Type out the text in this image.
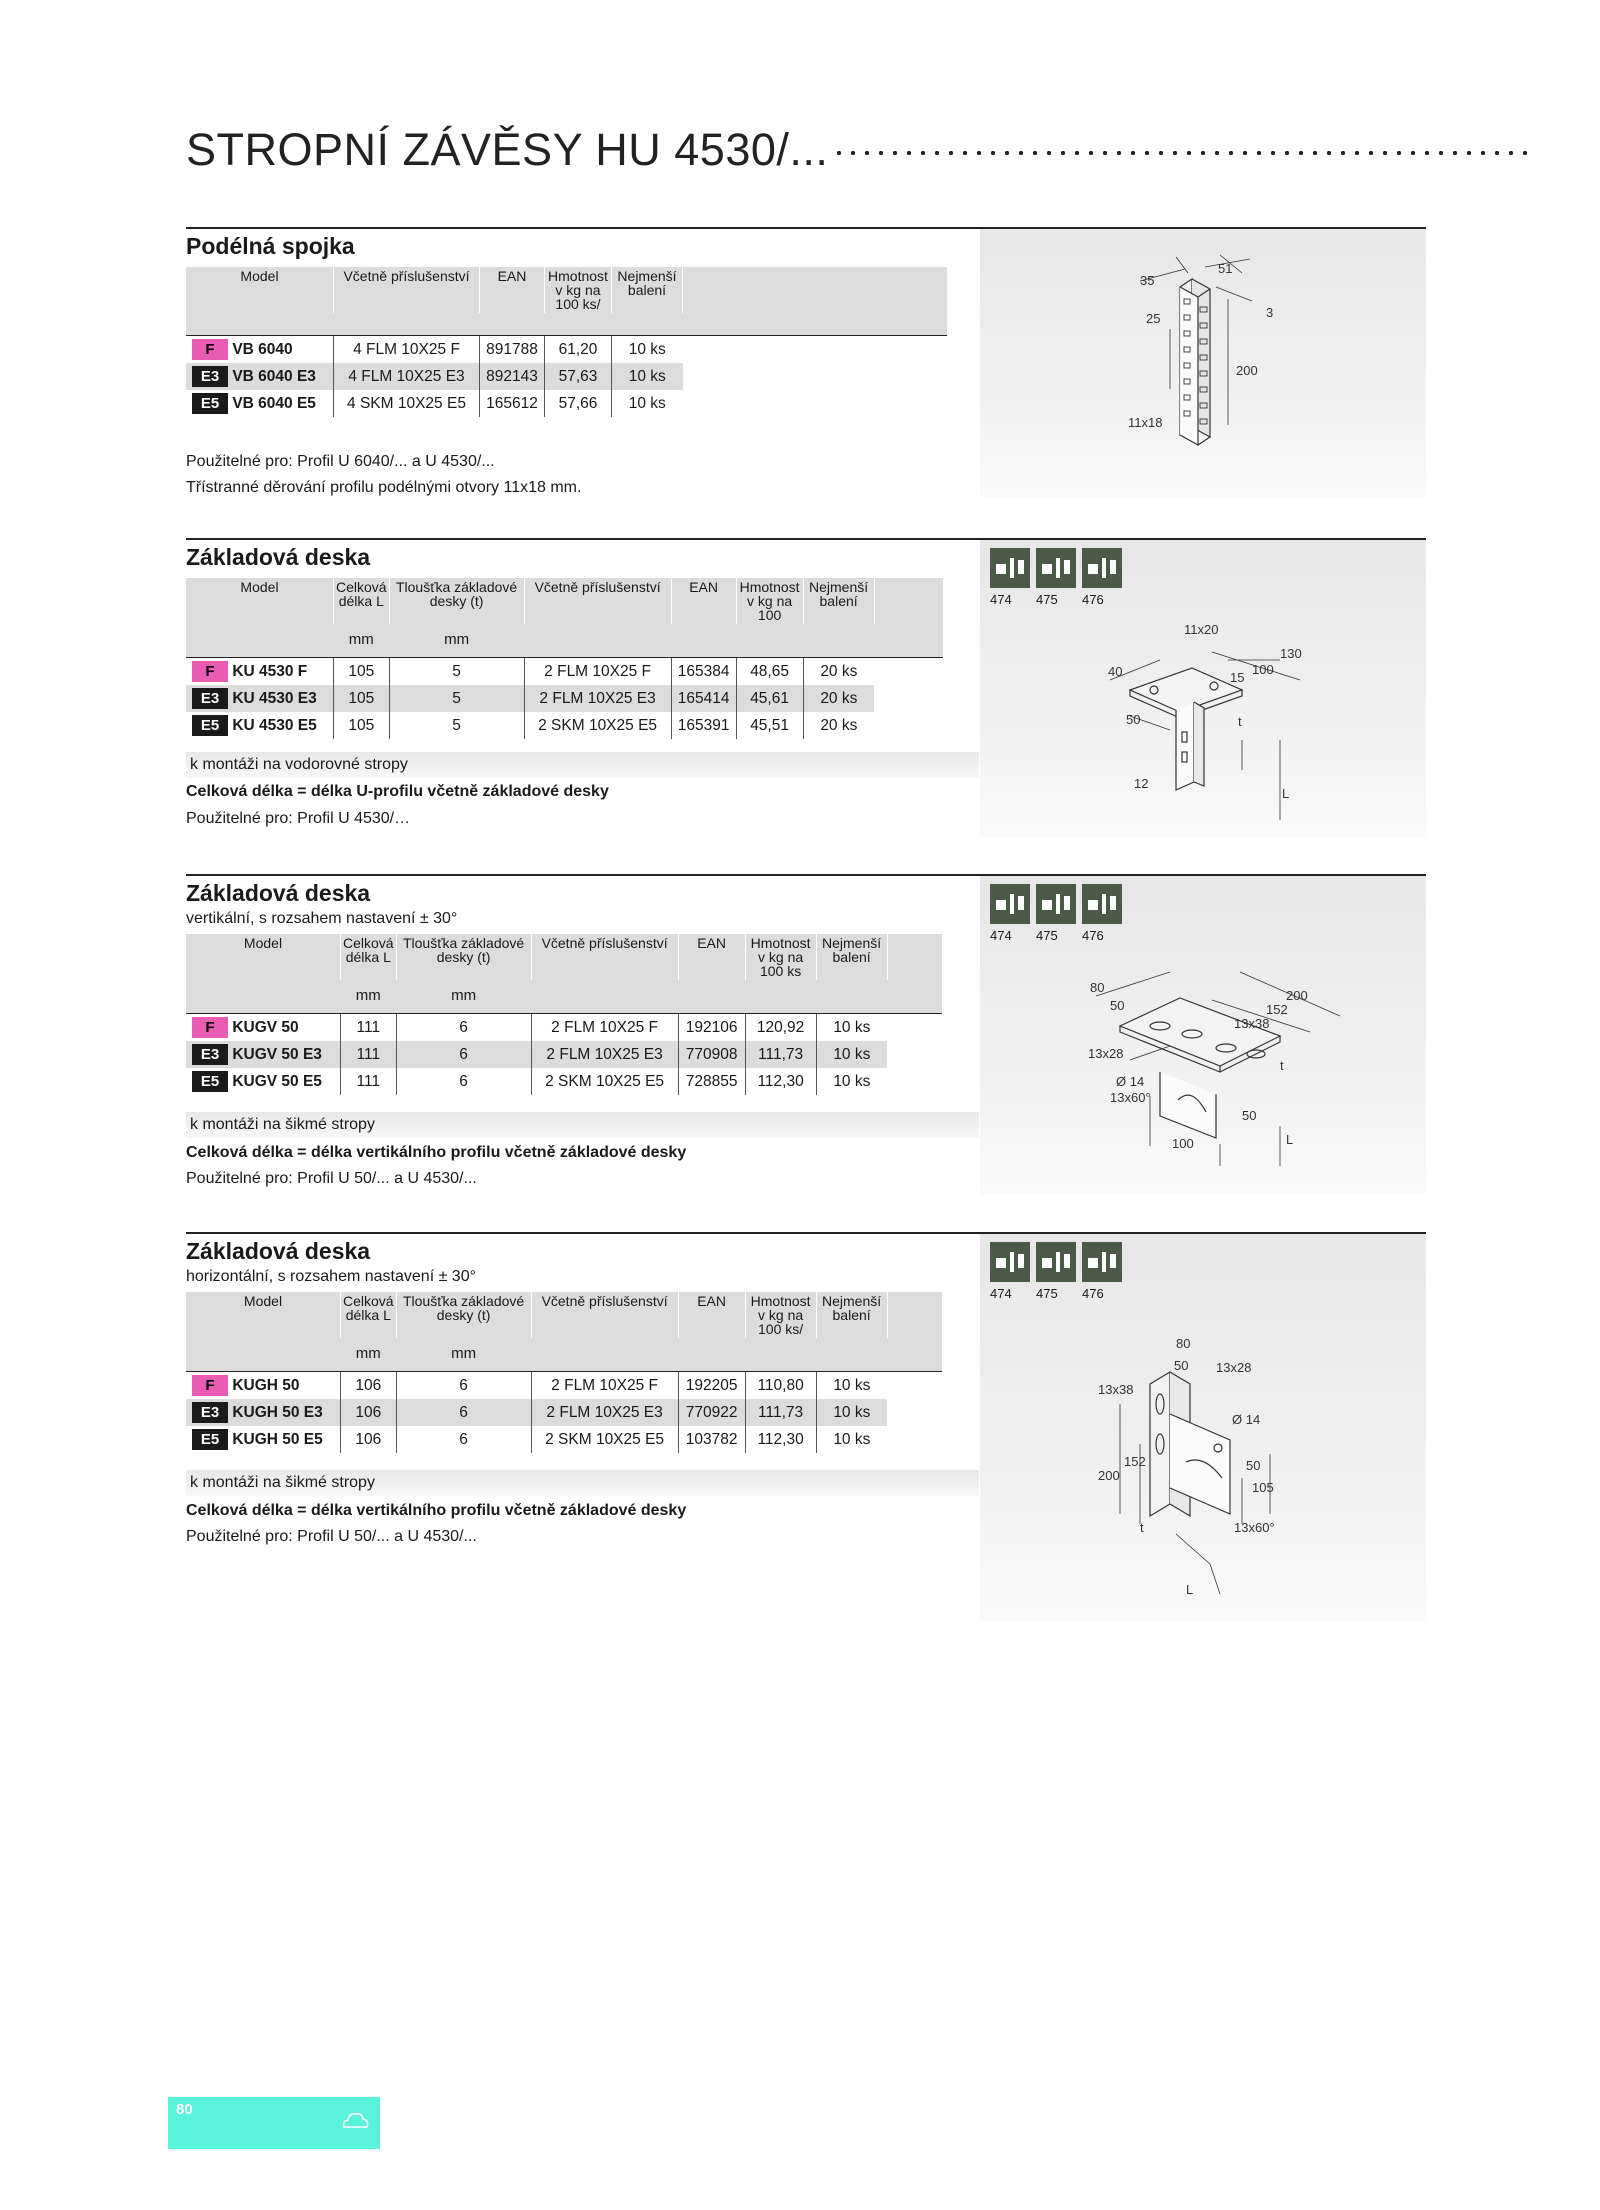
STROPNÍ ZÁVĚSY HU 4530/...
Podélná spojka
35
51
25	3
200
11x18
Model	Včetně příslušenství	EAN	Hmotnost v kg na 100 ks/	Nejmenší balení	

F VB 6040	4 FLM 10X25 F	891788	61,20	10 ks	
E3 VB 6040 E3	4 FLM 10X25 E3	892143	57,63	10 ks	
E5 VB 6040 E5	4 SKM 10X25 E5	165612	57,66	10 ks	
Použitelné pro: Profil U 6040/... a U 4530/...
Třístranné děrování profilu podélnými otvory 11x18 mm.
Základová deska
474 475 476
11x20
130
40	15
100
50	t
12
L
Model	Celková délka L	Tloušťka základové desky (t)	Včetně příslušenství	EAN	Hmotnost v kg na 100	Nejmenší balení	
	mm	mm					
F KU 4530 F	105	5	2 FLM 10X25 F	165384	48,65	20 ks	
E3 KU 4530 E3	105	5	2 FLM 10X25 E3	165414	45,61	20 ks	
E5 KU 4530 E5	105	5	2 SKM 10X25 E5	165391	45,51	20 ks	
k montáži na vodorovné stropy
Celková délka = délka U-profilu včetně základové desky
Použitelné pro: Profil U 4530/…
Základová deska
vertikální, s rozsahem nastavení ± 30°
474 475 476
80
200
50	152
13x38
13x28
t
Ø 14
13x60°
50
100	L
Model	Celková délka L	Tloušťka základové desky (t)	Včetně příslušenství	EAN	Hmotnost v kg na 100 ks	Nejmenší balení	
	mm	mm					
F KUGV 50	111	6	2 FLM 10X25 F	192106	120,92	10 ks	
E3 KUGV 50 E3	111	6	2 FLM 10X25 E3	770908	111,73	10 ks	
E5 KUGV 50 E5	111	6	2 SKM 10X25 E5	728855	112,30	10 ks	
k montáži na šikmé stropy
Celková délka = délka vertikálního profilu včetně základové desky
Použitelné pro: Profil U 50/... a U 4530/...
Základová deska
horizontální, s rozsahem nastavení ± 30°
474 475 476
80
50 13x28
13x38
Ø 14
152
200
50
105
t	13x60°
L
Model	Celková délka L	Tloušťka základové desky (t)	Včetně příslušenství	EAN	Hmotnost v kg na 100 ks/	Nejmenší balení	
	mm	mm					
F KUGH 50	106	6	2 FLM 10X25 F	192205	110,80	10 ks	
E3 KUGH 50 E3	106	6	2 FLM 10X25 E3	770922	111,73	10 ks	
E5 KUGH 50 E5	106	6	2 SKM 10X25 E5	103782	112,30	10 ks	
k montáži na šikmé stropy
Celková délka = délka vertikálního profilu včetně základové desky
Použitelné pro: Profil U 50/... a U 4530/...
80
